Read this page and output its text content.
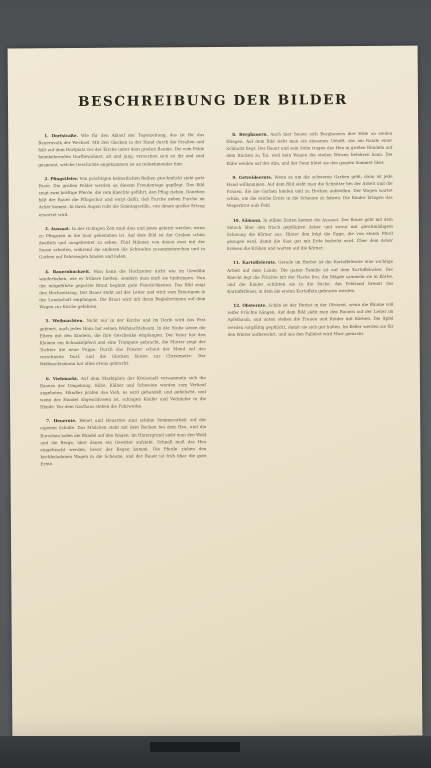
BESCHREIBUNG DER BILDER

1. Dorfstraße. Wie für den Ablauf der Tageszeitung, das ist für das Bauernvolk der Wechsel. Mit den Glocken in der Hand durch die Straßen und hält auf dem Dorfplatz vor der Kirche unter dem großen Baume. Die vom Felde heimkehrenden Dorfbewohner, alt und jung, versuchen sich an ihr und sind gespannt, welche Geschichte angekommen ist an teilnehmender hier.

2. Pfingstfeier. Von prächtigen heimatlichen Reihen geschmückt zieht gute Feste. Die großen Felder werden an diesem Freudentage gepflegt. Das Bild zeigt zwei kräftige Pferde, die vom Knechte geführt, den Pflug ziehen. Daneben hält der Bauer die Pflugschar und sorgt dafür, daß Furche neben Furche im Acker kommt. In ihren Augen ruht die Sonntagsstille, von denen großer Ertrag erwartet wird.

3. Aussaat. In der richtigen Zeit muß dies und jenes gelernt werden, wenn zu Pfingsten in die Saat gekommen ist. Auf dem Bild ist der Graben schön deutlich und ausgebreitet zu sehen. Fünf Männer, von denen zwei mit der Sense arbeiten, während die anderen die Schwaden zusammenrechen und in Garben auf Fahrzeugen binden und laden.

4. Bauernhochzeit. Man kann die Hochzeiter nicht wie im Gewölbe wiederhaben, wie es frühere hielten, sondern man muß sie hinbringen. Nun der mitgeführte geputzte Braut beginnt gute Feierlichkeiten. Das Bild zeigt den Hochzeitszug. Der Bauer steht auf der Leiter und wird vom Bräutigam in der Landschaft empfangen. Die Braut wird mit ihren Begleiterinnen auf dem Wagen zur Kirche gefahren.

5. Weihnachten. Nicht nur in der Kirche und im Dorfe wird das Fest gefeiert, auch jedes Haus hat seinen Weihnachtsbaum. In der Stube sitzen die Eltern mit den Kindern, die ihre Geschenke empfangen. Der Vater hat den Kleinen ein Schaukelpferd und eine Trompete gebracht, die Mutter zeigt der Tochter die neue Puppe. Durch das Fenster schaut der Mond auf das verschneite Dorf, und die Glocken läuten zur Christmette. Der Weihnachtsmann hat allen etwas gebracht.

6. Viehmarkt. Auf dem Marktplatz der Kreisstadt versammeln sich die Bauern der Umgebung. Kühe, Kälber und Schweine werden zum Verkauf angeboten. Händler prüfen das Vieh, es wird gehandelt und gefeilscht, und wenn der Handel abgeschlossen ist, schlagen Käufer und Verkäufer in die Hände. Vor dem Gasthaus stehen die Fuhrwerke.

7. Heuernte. Heuet und Heuernte sind schöne Sommerarbeit auf der eigenen Scholle. Das Mädchen steht mit dem Rechen bei dem Heu, und die Burschen laden die Bündel auf den Wagen. Im Hintergrund sieht man den Wald und die Berge, über denen ein Gewitter aufzieht. Schnell muß das Heu eingebracht werden, bevor der Regen kommt. Die Pferde ziehen den hochbeladenen Wagen in die Scheune, und der Bauer ist froh über die gute Ernte.

8. Bergbauern. Auch hier bauen sich Bergbauern ihre Höfe an steilen Hängen. Auf dem Bild sieht man ein einsames Gehöft, das am Rande einer Schlucht liegt. Der Bauer und sein Sohn tragen das Heu in großen Bündeln auf dem Rücken zu Tal, weil kein Wagen die steilen Wiesen befahren kann. Die Kühe weiden auf der Alm, und der Senn hütet sie den ganzen Sommer über.

9. Getreideernte. Wenn es um die schweren Garben geht, dann ist jede Hand willkommen. Auf dem Bild sieht man die Schnitter bei der Arbeit und die Frauen, die die Garben binden und zu Hocken aufstellen. Der Wagen wartet schon, um die reiche Ernte in die Scheune zu fahren. Die Kinder bringen das Vesperbrot aufs Feld.

10. Sämann. In stillen Zeiten kommt die Aussaat. Der Bauer geht mit dem Sätuch über den frisch gepflügten Acker und streut mit gleichmäßigem Schwung die Körner aus. Hinter ihm folgt die Egge, die von einem Pferd gezogen wird, damit die Saat gut mit Erde bedeckt wird. Über dem Acker kreisen die Krähen und warten auf die Körner.

11. Kartoffelernte. Gerade im Herbst ist die Kartoffelernte eine wichtige Arbeit auf dem Lande. Die ganze Familie ist auf dem Kartoffelacker. Der Knecht legt die Früchte mit der Hacke frei, die Mägde sammeln sie in Körbe, und die Kinder schütten sie in die Säcke. Am Feldrand brennt das Kartoffelfeuer, in dem die ersten Kartoffeln gebraten werden.

12. Obsternte. Schön ist der Herbst in der Obstzeit, wenn die Bäume voll reifer Früchte hängen. Auf dem Bild sieht man den Bauern auf der Leiter im Apfelbaum, und unten stehen die Frauen und Kinder mit Körben. Die Äpfel werden sorgfältig gepflückt, damit sie sich gut halten. Im Keller werden sie für den Winter aufbewahrt, und aus den Fallobst wird Most gemacht.
